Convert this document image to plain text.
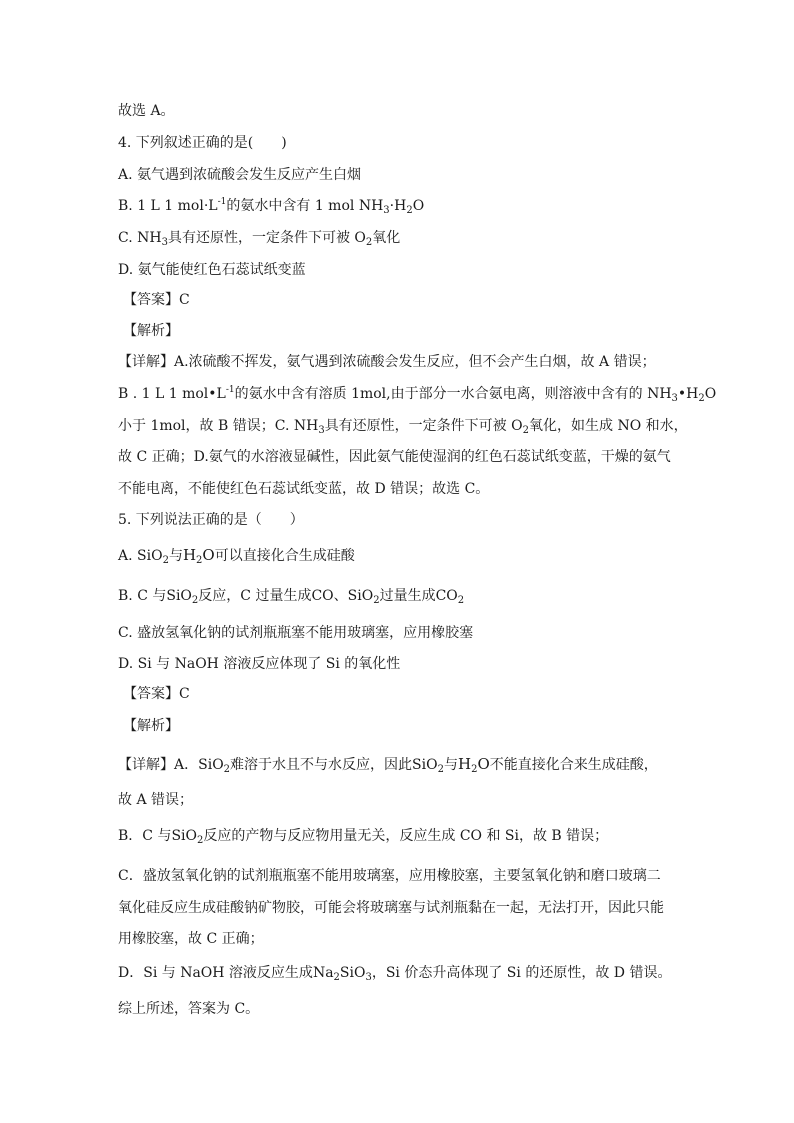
故选 A。
4. 下列叙述正确的是(　　)
A. 氨气遇到浓硫酸会发生反应产生白烟
B. 1 L 1 $mol\cdot L^{-1}$的氨水中含有 1 mol $NH_3\cdot H_2O$
C. $NH_3$具有还原性，一定条件下可被 $O_2$氧化
D. 氨气能使红色石蕊试纸变蓝
【答案】C
【解析】
【详解】A.浓硫酸不挥发，氨气遇到浓硫酸会发生反应，但不会产生白烟，故 A 错误；
B . 1 L 1 $mol•L^{-1}$的氨水中含有溶质 1mol,由于部分一水合氨电离，则溶液中含有的 $NH_3•H_2O$
小于 1mol，故 B 错误；C. $NH_3$具有还原性，一定条件下可被 $O_2$氧化，如生成 NO 和水，
故 C 正确；D.氨气的水溶液显碱性，因此氨气能使湿润的红色石蕊试纸变蓝，干燥的氨气
不能电离，不能使红色石蕊试纸变蓝，故 D 错误；故选 C。
5. 下列说法正确的是（　　）
A. SiO$_2$与$H_2O$可以直接化合生成硅酸
B. C 与SiO$_2$反应，C 过量生成CO、SiO$_2$过量生成$CO_2$
C. 盛放氢氧化钠的试剂瓶瓶塞不能用玻璃塞，应用橡胶塞
D. Si 与 NaOH 溶液反应体现了 Si 的氧化性
【答案】C
【解析】
【详解】A．SiO$_2$难溶于水且不与水反应，因此SiO$_2$与$H_2O$不能直接化合来生成硅酸，
故 A 错误；
B．C 与SiO$_2$反应的产物与反应物用量无关，反应生成 CO 和 Si，故 B 错误；
C．盛放氢氧化钠的试剂瓶瓶塞不能用玻璃塞，应用橡胶塞，主要氢氧化钠和磨口玻璃二
氧化硅反应生成硅酸钠矿物胶，可能会将玻璃塞与试剂瓶黏在一起，无法打开，因此只能
用橡胶塞，故 C 正确；
D．Si 与 NaOH 溶液反应生成$Na_2SiO_3$，Si 价态升高体现了 Si 的还原性，故 D 错误。
综上所述，答案为 C。
